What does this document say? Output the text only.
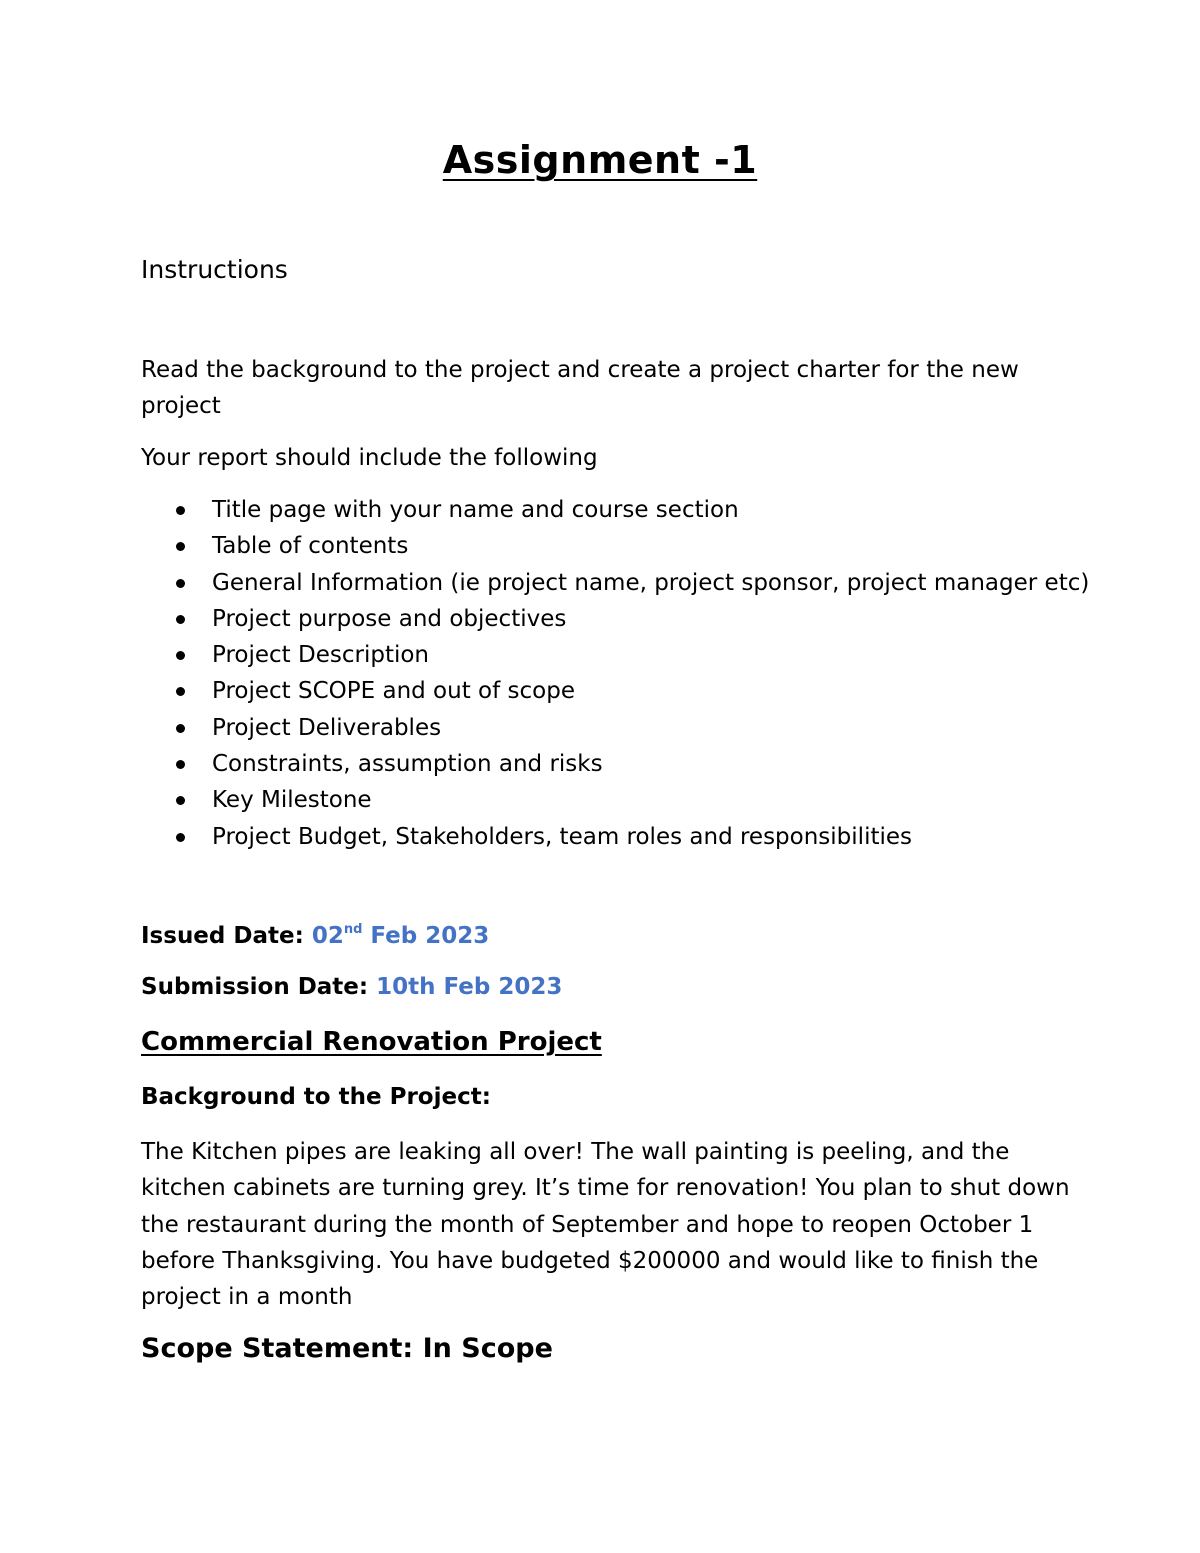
Assignment -1
Instructions
Read the background to the project and create a project charter for the new project
Your report should include the following
Title page with your name and course section
Table of contents
General Information (ie project name, project sponsor, project manager etc)
Project purpose and objectives
Project Description
Project SCOPE and out of scope
Project Deliverables
Constraints, assumption and risks
Key Milestone
Project Budget, Stakeholders, team roles and responsibilities
Issued Date: 02nd Feb 2023
Submission Date: 10th Feb 2023
Commercial Renovation Project
Background to the Project:
The Kitchen pipes are leaking all over! The wall painting is peeling, and the kitchen cabinets are turning grey. It’s time for renovation! You plan to shut down the restaurant during the month of September and hope to reopen October 1 before Thanksgiving. You have budgeted $200000 and would like to finish the project in a month
Scope Statement: In Scope
